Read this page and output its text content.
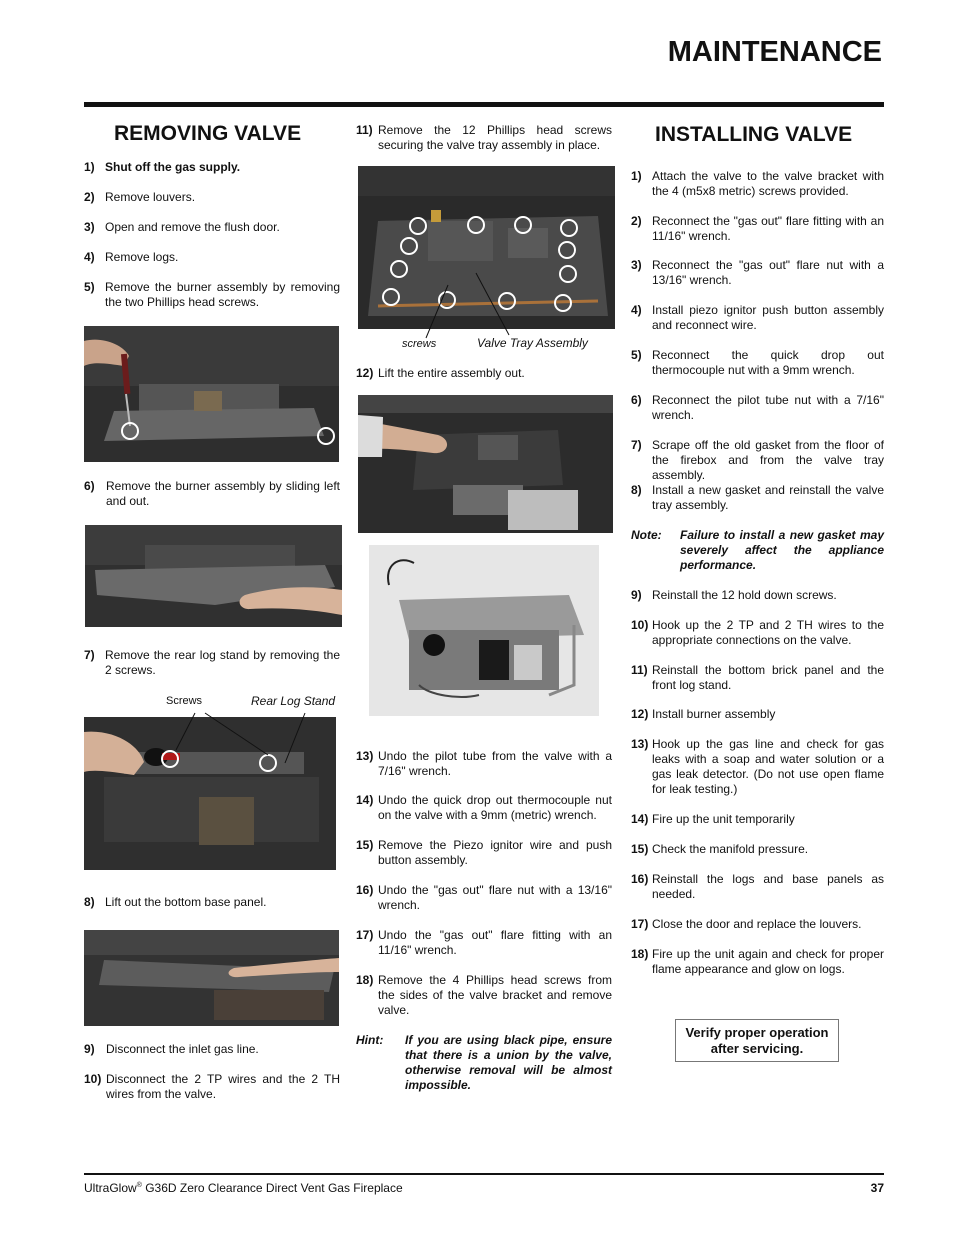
MAINTENANCE
REMOVING VALVE
1) Shut off the gas supply.
2) Remove louvers.
3) Open and remove the flush door.
4) Remove logs.
5) Remove the burner assembly by removing the two Phillips head screws.
6) Remove the burner assembly by sliding left and out.
7) Remove the rear log stand by removing the 2 screws.
Screws	Rear Log Stand
8) Lift out the bottom base panel.
9) Disconnect the inlet gas line.
10) Disconnect the 2 TP wires and the 2 TH wires from the valve.
11) Remove the 12 Phillips head screws securing the valve tray assembly in place.
screws	Valve Tray Assembly
12) Lift the entire assembly out.
13) Undo the pilot tube from the valve with a 7/16" wrench.
14) Undo the quick drop out thermocouple nut on the valve with a 9mm (metric) wrench.
15) Remove the Piezo ignitor wire and push button assembly.
16) Undo the "gas out" flare nut with a 13/16" wrench.
17) Undo the "gas out" flare fitting with an 11/16" wrench.
18) Remove the 4 Phillips head screws from the sides of the valve bracket and remove valve.
Hint:	If you are using black pipe, ensure that there is a union by the valve, otherwise removal will be almost impossible.
INSTALLING VALVE
1) Attach the valve to the valve bracket with the 4 (m5x8 metric) screws provided.
2) Reconnect the "gas out" flare fitting with an 11/16" wrench.
3) Reconnect the "gas out" flare nut with a 13/16" wrench.
4) Install piezo ignitor push button assembly and reconnect wire.
5) Reconnect the quick drop out thermocouple nut with a 9mm wrench.
6) Reconnect the pilot tube nut with a 7/16" wrench.
7) Scrape off the old gasket from the floor of the firebox and from the valve tray assembly.
8) Install a new gasket and reinstall the valve tray assembly.
Note:	Failure to install a new gasket may severely affect the appliance performance.
9) Reinstall the 12 hold down screws.
10) Hook up the 2 TP and 2 TH wires to the appropriate connections on the valve.
11) Reinstall the bottom brick panel and the front log stand.
12) Install burner assembly
13) Hook up the gas line and check for gas leaks with a soap and water solution or a gas leak detector. (Do not use open flame for leak testing.)
14) Fire up the unit temporarily
15) Check the manifold pressure.
16) Reinstall the logs and base panels as needed.
17) Close the door and replace the louvers.
18) Fire up the unit again and check for proper flame appearance and glow on logs.
Verify proper operation after servicing.
UltraGlow® G36D Zero Clearance Direct Vent Gas Fireplace	37
